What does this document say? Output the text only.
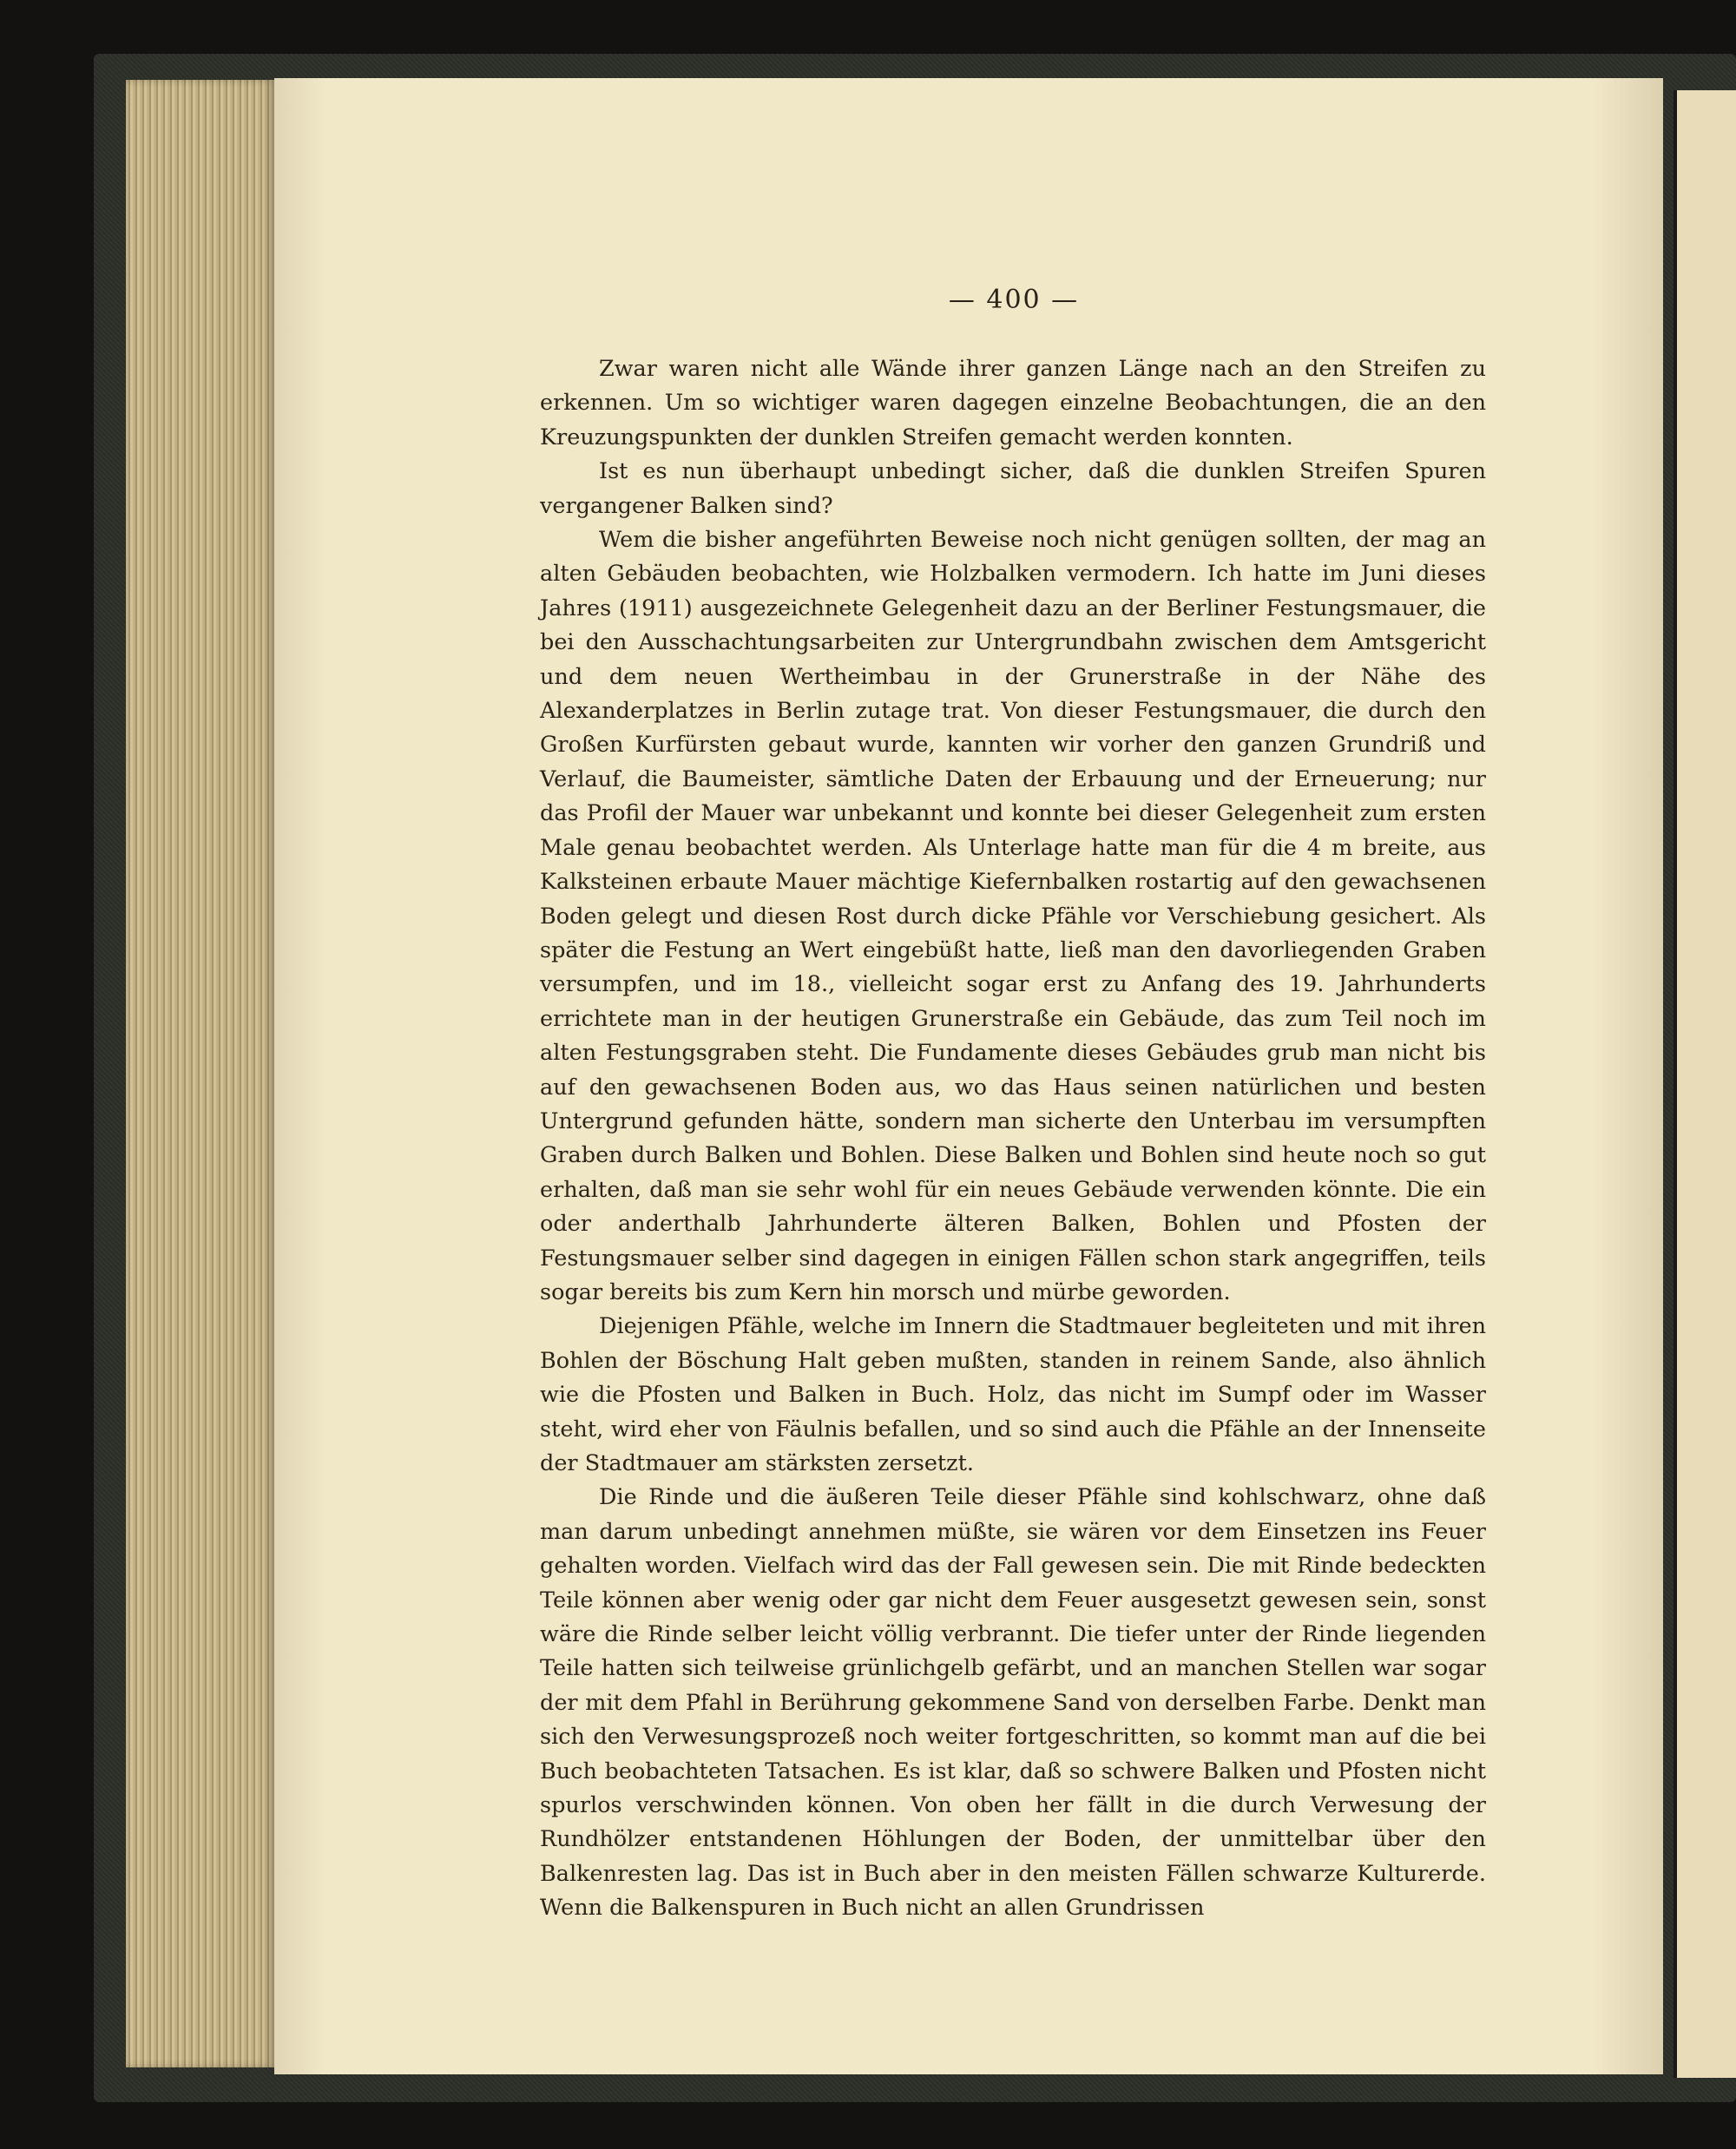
— 400 —

Zwar waren nicht alle Wände ihrer ganzen Länge nach an den Streifen zu erkennen. Um so wichtiger waren dagegen einzelne Beobachtungen, die an den Kreuzungspunkten der dunklen Streifen gemacht werden konnten.

Ist es nun überhaupt unbedingt sicher, daß die dunklen Streifen Spuren vergangener Balken sind?

Wem die bisher angeführten Beweise noch nicht genügen sollten, der mag an alten Gebäuden beobachten, wie Holzbalken vermodern. Ich hatte im Juni dieses Jahres (1911) ausgezeichnete Gelegenheit dazu an der Berliner Festungsmauer, die bei den Ausschachtungsarbeiten zur Untergrundbahn zwischen dem Amtsgericht und dem neuen Wertheimbau in der Grunerstraße in der Nähe des Alexanderplatzes in Berlin zutage trat. Von dieser Festungsmauer, die durch den Großen Kurfürsten gebaut wurde, kannten wir vorher den ganzen Grundriß und Verlauf, die Baumeister, sämtliche Daten der Erbauung und der Erneuerung; nur das Profil der Mauer war unbekannt und konnte bei dieser Gelegenheit zum ersten Male genau beobachtet werden. Als Unterlage hatte man für die 4 m breite, aus Kalksteinen erbaute Mauer mächtige Kiefernbalken rostartig auf den gewachsenen Boden gelegt und diesen Rost durch dicke Pfähle vor Verschiebung gesichert. Als später die Festung an Wert eingebüßt hatte, ließ man den davorliegenden Graben versumpfen, und im 18., vielleicht sogar erst zu Anfang des 19. Jahrhunderts errichtete man in der heutigen Grunerstraße ein Gebäude, das zum Teil noch im alten Festungsgraben steht. Die Fundamente dieses Gebäudes grub man nicht bis auf den gewachsenen Boden aus, wo das Haus seinen natürlichen und besten Untergrund gefunden hätte, sondern man sicherte den Unterbau im versumpften Graben durch Balken und Bohlen. Diese Balken und Bohlen sind heute noch so gut erhalten, daß man sie sehr wohl für ein neues Gebäude verwenden könnte. Die ein oder anderthalb Jahrhunderte älteren Balken, Bohlen und Pfosten der Festungsmauer selber sind dagegen in einigen Fällen schon stark angegriffen, teils sogar bereits bis zum Kern hin morsch und mürbe geworden.

Diejenigen Pfähle, welche im Innern die Stadtmauer begleiteten und mit ihren Bohlen der Böschung Halt geben mußten, standen in reinem Sande, also ähnlich wie die Pfosten und Balken in Buch. Holz, das nicht im Sumpf oder im Wasser steht, wird eher von Fäulnis befallen, und so sind auch die Pfähle an der Innenseite der Stadtmauer am stärksten zersetzt.

Die Rinde und die äußeren Teile dieser Pfähle sind kohlschwarz, ohne daß man darum unbedingt annehmen müßte, sie wären vor dem Einsetzen ins Feuer gehalten worden. Vielfach wird das der Fall gewesen sein. Die mit Rinde bedeckten Teile können aber wenig oder gar nicht dem Feuer ausgesetzt gewesen sein, sonst wäre die Rinde selber leicht völlig verbrannt. Die tiefer unter der Rinde liegenden Teile hatten sich teilweise grünlichgelb gefärbt, und an manchen Stellen war sogar der mit dem Pfahl in Berührung gekommene Sand von derselben Farbe. Denkt man sich den Verwesungsprozeß noch weiter fortgeschritten, so kommt man auf die bei Buch beobachteten Tatsachen. Es ist klar, daß so schwere Balken und Pfosten nicht spurlos verschwinden können. Von oben her fällt in die durch Verwesung der Rundhölzer entstandenen Höhlungen der Boden, der unmittelbar über den Balkenresten lag. Das ist in Buch aber in den meisten Fällen schwarze Kulturerde. Wenn die Balkenspuren in Buch nicht an allen Grundrissen
